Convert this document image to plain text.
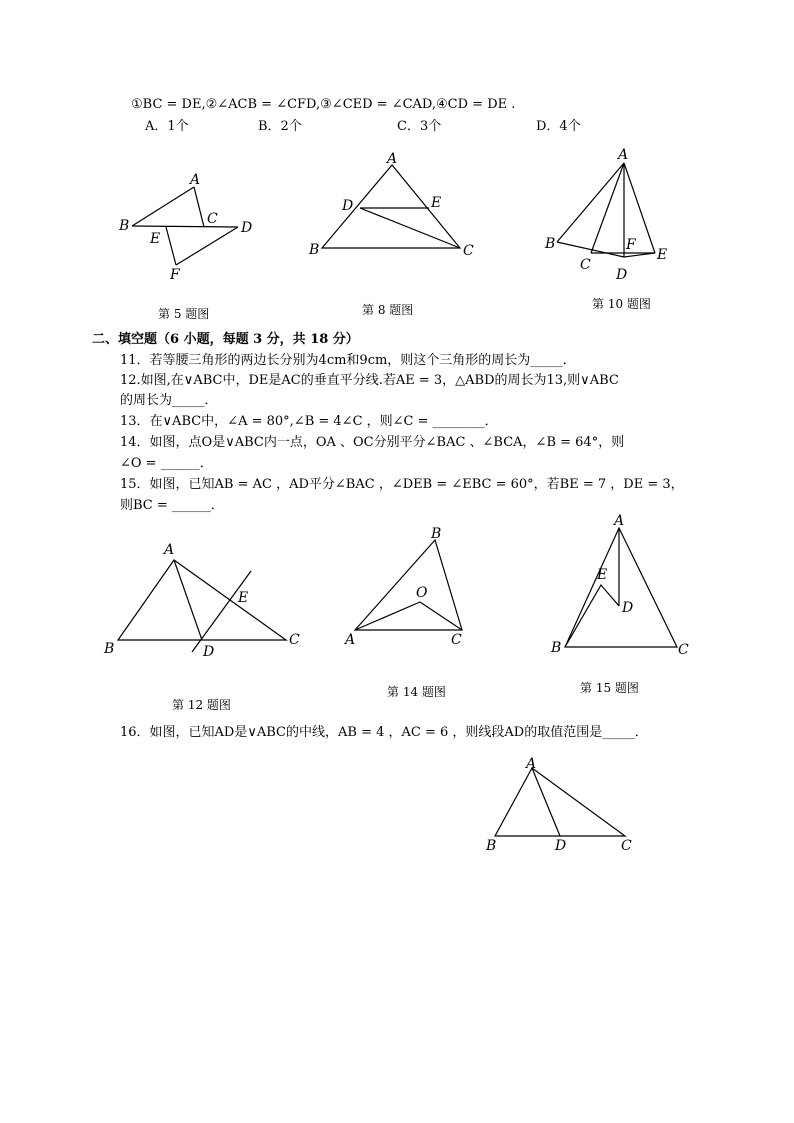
①BC = DE,②∠ACB = ∠CFD,③∠CED = ∠CAD,④CD = DE .
A．1个	B．2个	C．3个	D．4个
A
B	C
D
E
F
第 5 题图
A
B	C
D	E
第 8 题图
A
B
C
D
E
F
第 10 题图
二、填空题（6 小题，每题 3 分，共 18 分）
11．若等腰三角形的两边长分别为4cm和9cm，则这个三角形的周长为_____．
12.如图,在∨ABC中，DE是AC的垂直平分线.若AE = 3，△ABD的周长为13,则∨ABC
的周长为_____．
13．在∨ABC中，∠A = 80°,∠B = 4∠C ，则∠C = ________．
14．如图，点O是∨ABC内一点，OA 、OC分别平分∠BAC 、∠BCA，∠B = 64°，则
∠O = ______．
15．如图，已知AB = AC ，AD平分∠BAC ，∠DEB = ∠EBC = 60°，若BE = 7 ，DE = 3，
则BC = ______．
A
B
C
D
E
第 12 题图
A
B
C
O
第 14 题图
A
B	C
D
E
第 15 题图
16．如图，已知AD是∨ABC的中线，AB = 4 ，AC = 6 ，则线段AD的取值范围是_____．
A
B	C
D
